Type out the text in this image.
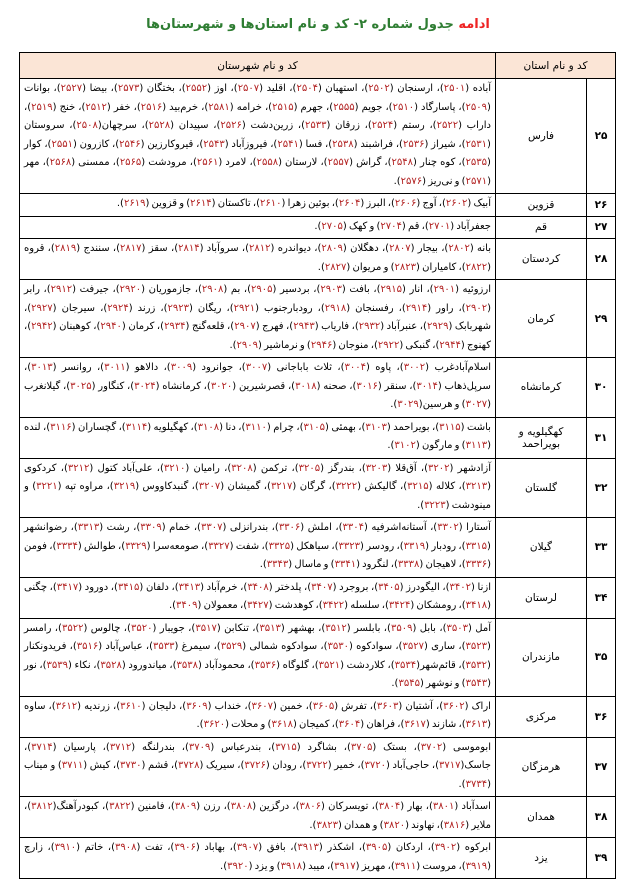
ادامه جدول شماره ۲- کد و نام استان‌ها و شهرستان‌ها
کد و نام استان		کد و نام شهرستان
۲۵	فارس	آباده (۲۵۰۱)، ارسنجان (۲۵۰۲)، استهبان (۲۵۰۴)، اقلید (۲۵۰۷)، اوز (۲۵۵۲)، بختگان (۲۵۷۳)، بیضا (۲۵۲۷)، بوانات (۲۵۰۹)، پاسارگاد (۲۵۱۰)، جویم (۲۵۵۵)، جهرم (۲۵۱۵)، خرامه (۲۵۸۱)، خرم‌بید (۲۵۱۶)، خفر (۲۵۱۲)، خنج (۲۵۱۹)، داراب (۲۵۲۲)، رستم (۲۵۲۴)، زرقان (۲۵۳۳)، زرین‌دشت (۲۵۲۶)، سپیدان (۲۵۲۸)، سرچهان(۲۵۰۸)، سروستان (۲۵۳۱)، شیراز (۲۵۳۶)، فراشبند (۲۵۳۸)، فسا (۲۵۴۱)، فیروزآباد (۲۵۴۳)، قیروکارزین (۲۵۴۶)، کازرون (۲۵۵۱)، کوار (۲۵۳۵)، کوه چنار (۲۵۴۸)، گراش (۲۵۵۷)، لارستان (۲۵۵۸)، لامرد (۲۵۶۱)، مرودشت (۲۵۶۵)، ممسنی (۲۵۶۸)، مهر (۲۵۷۱) و نی‌ریز (۲۵۷۶).
۲۶	قزوین	آبیک (۲۶۰۲)، آوج (۲۶۰۶)، البرز (۲۶۰۴)، بوئین زهرا (۲۶۱۰)، تاکستان (۲۶۱۴) و قزوین (۲۶۱۹).
۲۷	قم	جعفرآباد (۲۷۰۱)، قم (۲۷۰۴) و کهک (۲۷۰۵).
۲۸	کردستان	بانه (۲۸۰۲)، بیجار (۲۸۰۷)، دهگلان (۲۸۰۹)، دیواندره (۲۸۱۲)، سروآباد (۲۸۱۴)، سقز (۲۸۱۷)، سنندج (۲۸۱۹)، قروه (۲۸۲۲)، کامیاران (۲۸۲۳) و مریوان (۲۸۲۷).
۲۹	کرمان	ارزوئیه (۲۹۰۱)، انار (۲۹۱۵)، بافت (۲۹۰۳)، بردسیر (۲۹۰۵)، بم (۲۹۰۸)، جازموریان (۲۹۲۰)، جیرفت (۲۹۱۲)، رابر (۲۹۰۲)، راور (۲۹۱۴)، رفسنجان (۲۹۱۸)، رودبارجنوب (۲۹۲۱)، ریگان (۲۹۲۳)، زرند (۲۹۲۴)، سیرجان (۲۹۲۷)، شهربابک (۲۹۲۹)، عنبرآباد (۲۹۳۲)، فاریاب (۲۹۴۳)، فهرج (۲۹۰۷)، قلعه‌گنج (۲۹۳۴)، کرمان (۲۹۴۰)، کوهبنان (۲۹۴۲)، کهنوج (۲۹۴۴)، گنبکی (۲۹۲۲)، منوجان (۲۹۴۶) و نرماشیر (۲۹۰۹).
۳۰	کرمانشاه	اسلام‌آبادغرب (۳۰۰۲)، پاوه (۳۰۰۴)، ثلاث باباجانی (۳۰۰۷)، جوانرود (۳۰۰۹)، دالاهو (۳۰۱۱)، روانسر (۳۰۱۳)، سرپل‌ذهاب (۳۰۱۴)، سنقر (۳۰۱۶)، صحنه (۳۰۱۸)، قصرشیرین (۳۰۲۰)، کرمانشاه (۳۰۲۴)، کنگاور (۳۰۲۵)، گیلانغرب (۳۰۲۷) و هرسین(۳۰۲۹).
۳۱	کهگیلویه و بویراحمد	باشت (۳۱۱۵)، بویراحمد (۳۱۰۳)، بهمئی (۳۱۰۵)، چرام (۳۱۱۰)، دنا (۳۱۰۸)، کهگیلویه (۳۱۱۴)، گچساران (۳۱۱۶)، لنده (۳۱۱۳) و مارگون (۳۱۰۲).
۳۲	گلستان	آزادشهر (۳۲۰۲)، آق‌قلا (۳۲۰۳)، بندرگز (۳۲۰۵)، ترکمن (۳۲۰۸)، رامیان (۳۲۱۰)، علی‌آباد کتول (۳۲۱۲)، کردکوی (۳۲۱۳)، کلاله (۳۲۱۵)، گالیکش (۳۲۲۲)، گرگان (۳۲۱۷)، گمیشان (۳۲۰۷)، گنبدکاووس (۳۲۱۹)، مراوه تپه (۳۲۲۱) و مینودشت (۳۲۲۳).
۳۳	گیلان	آستارا (۳۳۰۲)، آستانه‌اشرفیه (۳۳۰۴)، املش (۳۳۰۶)، بندرانزلی (۳۳۰۷)، خمام (۳۳۰۹)، رشت (۳۳۱۳)، رضوانشهر (۳۳۱۵)، رودبار (۳۳۱۹)، رودسر (۳۳۲۳)، سیاهکل (۳۳۲۵)، شفت (۳۳۲۷)، صومعه‌سرا (۳۳۲۹)، طوالش (۳۳۳۴)، فومن (۳۳۳۶)، لاهیجان (۳۳۳۸)، لنگرود (۳۳۴۱) و ماسال (۳۳۴۳).
۳۴	لرستان	ازنا (۳۴۰۲)، الیگودرز (۳۴۰۵)، بروجرد (۳۴۰۷)، پلدختر (۳۴۰۸)، خرم‌آباد (۳۴۱۳)، دلفان (۳۴۱۵)، دورود (۳۴۱۷)، چگنی (۳۴۱۸)، رومشکان (۳۴۲۴)، سلسله (۳۴۲۲)، کوهدشت (۳۴۲۷)، معمولان (۳۴۰۹).
۳۵	مازندران	آمل (۳۵۰۳)، بابل (۳۵۰۹)، بابلسر (۳۵۱۲)، بهشهر (۳۵۱۳)، تنکابن (۳۵۱۷)، جویبار (۳۵۲۰)، چالوس (۳۵۲۲)، رامسر (۳۵۲۳)، ساری (۳۵۲۷)، سوادکوه (۳۵۳۰)، سوادکوه شمالی (۳۵۲۹)، سیمرغ (۳۵۳۳)، عباس‌آباد (۳۵۱۶)، فریدونکنار (۳۵۳۲)، قائم‌شهر(۳۵۳۴)، کلاردشت (۳۵۲۱)، گلوگاه (۳۵۳۶)، محمودآباد (۳۵۳۸)، میاندورود (۳۵۲۸)، نکاء (۳۵۳۹)، نور (۳۵۴۳) و نوشهر (۳۵۴۵).
۳۶	مرکزی	اراک (۳۶۰۲)، آشتیان (۳۶۰۳)، تفرش (۳۶۰۵)، خمین (۳۶۰۷)، خنداب (۳۶۰۹)، دلیجان (۳۶۱۰)، زرندیه (۳۶۱۲)، ساوه (۳۶۱۳)، شازند (۳۶۱۷)، فراهان (۳۶۰۴)، کمیجان (۳۶۱۸) و محلات (۳۶۲۰).
۳۷	هرمزگان	ابوموسی (۳۷۰۲)، بستک (۳۷۰۵)، بشاگرد (۳۷۱۵)، بندرعباس (۳۷۰۹)، بندرلنگه (۳۷۱۲)، پارسیان (۳۷۱۴)، جاسک(۳۷۱۷)، حاجی‌آباد (۳۷۲۰)، خمیر (۳۷۲۲)، رودان (۳۷۲۶)، سیریک (۳۷۲۸)، قشم (۳۷۳۰)، کیش (۳۷۱۱) و میناب (۳۷۳۴).
۳۸	همدان	اسدآباد (۳۸۰۱)، بهار (۳۸۰۴)، تویسرکان (۳۸۰۶)، درگزین (۳۸۰۸)، رزن (۳۸۰۹)، فامنین (۳۸۲۲)، کبودرآهنگ(۳۸۱۲)، ملایر (۳۸۱۶)، نهاوند (۳۸۲۰) و همدان (۳۸۲۳).
۳۹	یزد	ابرکوه (۳۹۰۲)، اردکان (۳۹۰۵)، اشکذر (۳۹۱۳)، بافق (۳۹۰۷)، بهاباد (۳۹۰۶)، تفت (۳۹۰۸)، خاتم (۳۹۱۰)، زارچ (۳۹۱۹)، مروست (۳۹۱۱)، مهریز (۳۹۱۷)، میبد (۳۹۱۸) و یزد (۳۹۲۰).
